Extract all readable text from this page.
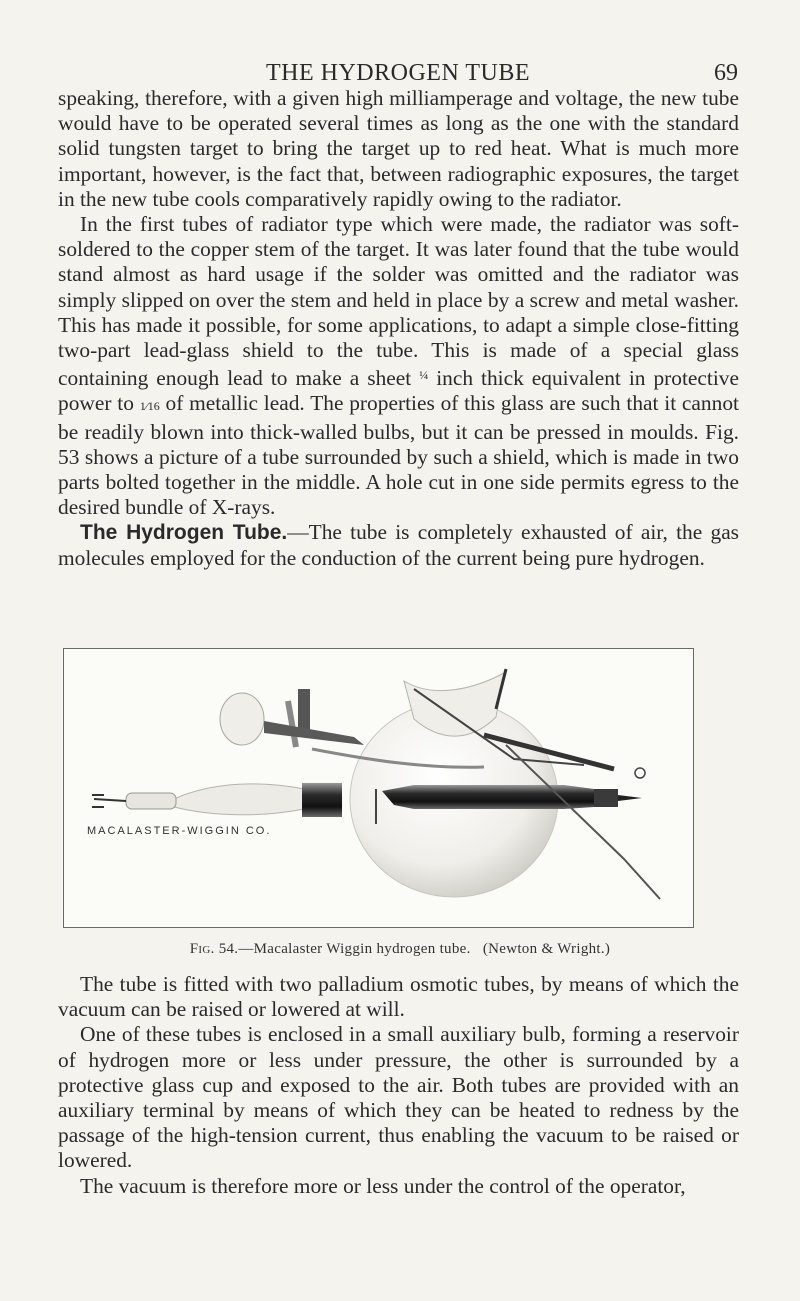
THE HYDROGEN TUBE	69

speaking, therefore, with a given high milliamperage and voltage, the new tube would have to be operated several times as long as the one with the standard solid tungsten target to bring the target up to red heat. What is much more important, however, is the fact that, between radiographic exposures, the target in the new tube cools comparatively rapidly owing to the radiator.

In the first tubes of radiator type which were made, the radiator was soft-soldered to the copper stem of the target. It was later found that the tube would stand almost as hard usage if the solder was omitted and the radiator was simply slipped on over the stem and held in place by a screw and metal washer. This has made it possible, for some applications, to adapt a simple close-fitting two-part lead-glass shield to the tube. This is made of a special glass containing enough lead to make a sheet $^{\frac{1}{4}}$ inch thick equivalent in protective power to 1⁄16 of metallic lead. The properties of this glass are such that it cannot be readily blown into thick-walled bulbs, but it can be pressed in moulds. Fig. 53 shows a picture of a tube surrounded by such a shield, which is made in two parts bolted together in the middle. A hole cut in one side permits egress to the desired bundle of X-rays.

The Hydrogen Tube.—The tube is completely exhausted of air, the gas molecules employed for the conduction of the current being pure hydrogen.

MACALASTER-WIGGIN CO.
Fig. 54.—Macalaster Wiggin hydrogen tube. (Newton & Wright.)

The tube is fitted with two palladium osmotic tubes, by means of which the vacuum can be raised or lowered at will.

One of these tubes is enclosed in a small auxiliary bulb, forming a reservoir of hydrogen more or less under pressure, the other is surrounded by a protective glass cup and exposed to the air. Both tubes are provided with an auxiliary terminal by means of which they can be heated to redness by the passage of the high-tension current, thus enabling the vacuum to be raised or lowered.

The vacuum is therefore more or less under the control of the operator,
